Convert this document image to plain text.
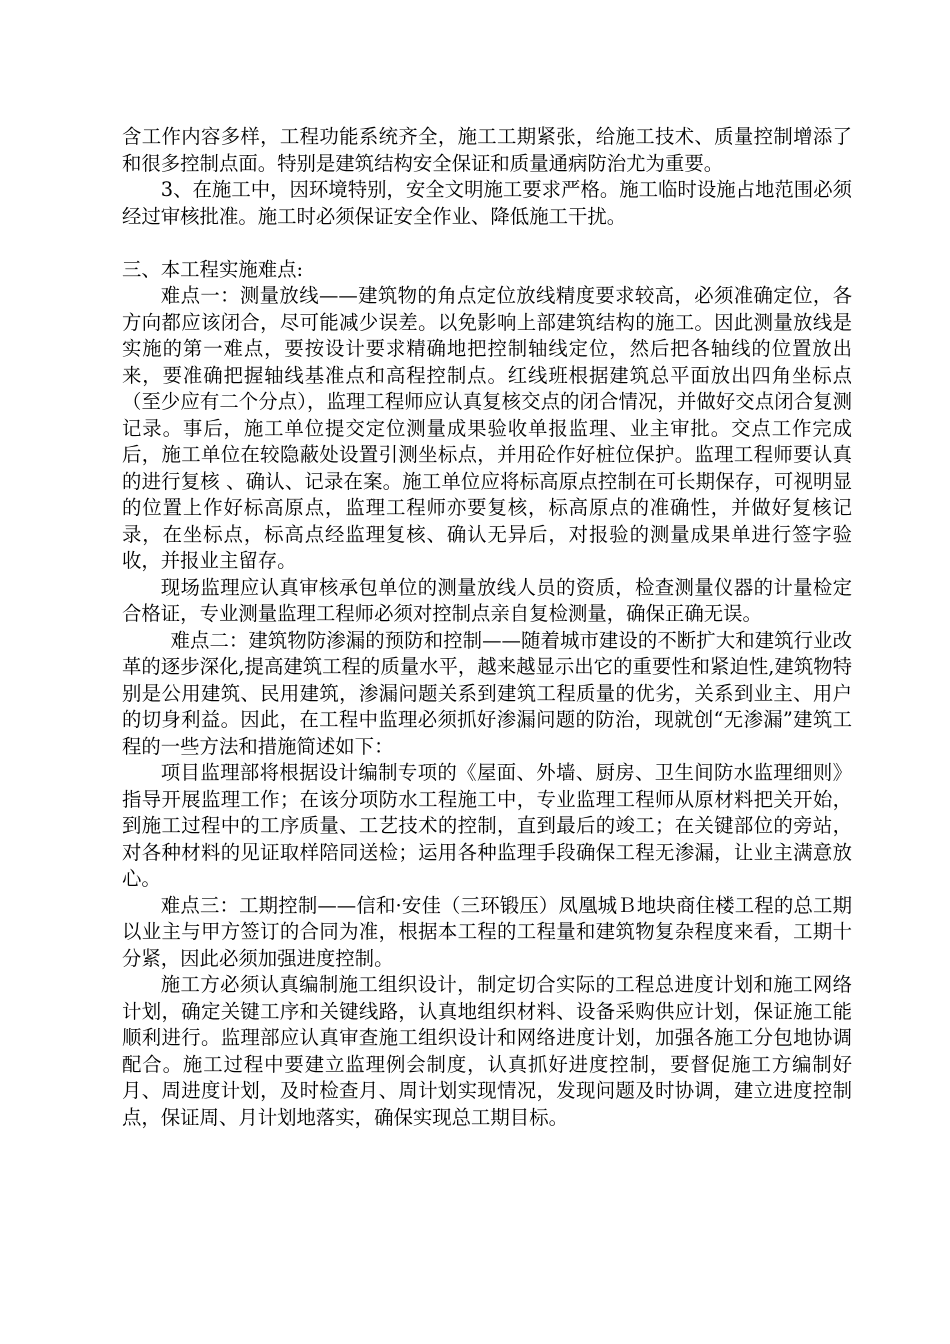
含工作内容多样，工程功能系统齐全，施工工期紧张，给施工技术、质量控制增添了和很多控制点面。特别是建筑结构安全保证和质量通病防治尤为重要。

3、在施工中，因环境特别，安全文明施工要求严格。施工临时设施占地范围必须经过审核批准。施工时必须保证安全作业、降低施工干扰。

三、本工程实施难点:

难点一：测量放线——建筑物的角点定位放线精度要求较高，必须准确定位，各方向都应该闭合，尽可能减少误差。以免影响上部建筑结构的施工。因此测量放线是实施的第一难点，要按设计要求精确地把控制轴线定位，然后把各轴线的位置放出来，要准确把握轴线基准点和高程控制点。红线班根据建筑总平面放出四角坐标点（至少应有二个分点），监理工程师应认真复核交点的闭合情况，并做好交点闭合复测记录。事后，施工单位提交定位测量成果验收单报监理、业主审批。交点工作完成后，施工单位在较隐蔽处设置引测坐标点，并用砼作好桩位保护。监理工程师要认真的进行复核 、确认、记录在案。施工单位应将标高原点控制在可长期保存，可视明显的位置上作好标高原点，监理工程师亦要复核，标高原点的准确性，并做好复核记录，在坐标点，标高点经监理复核、确认无异后，对报验的测量成果单进行签字验收，并报业主留存。

现场监理应认真审核承包单位的测量放线人员的资质，检查测量仪器的计量检定合格证，专业测量监理工程师必须对控制点亲自复检测量，确保正确无误。

难点二：建筑物防渗漏的预防和控制——随着城市建设的不断扩大和建筑行业改革的逐步深化,提高建筑工程的质量水平，越来越显示出它的重要性和紧迫性,建筑物特别是公用建筑、民用建筑，渗漏问题关系到建筑工程质量的优劣，关系到业主、用户的切身利益。因此，在工程中监理必须抓好渗漏问题的防治，现就创“无渗漏”建筑工程的一些方法和措施简述如下：

项目监理部将根据设计编制专项的《屋面、外墙、厨房、卫生间防水监理细则》指导开展监理工作；在该分项防水工程施工中，专业监理工程师从原材料把关开始，到施工过程中的工序质量、工艺技术的控制，直到最后的竣工；在关键部位的旁站，对各种材料的见证取样陪同送检；运用各种监理手段确保工程无渗漏，让业主满意放心。

难点三：工期控制——信和·安佳（三环锻压）凤凰城Ｂ地块商住楼工程的总工期以业主与甲方签订的合同为准，根据本工程的工程量和建筑物复杂程度来看，工期十分紧，因此必须加强进度控制。

施工方必须认真编制施工组织设计，制定切合实际的工程总进度计划和施工网络计划，确定关键工序和关键线路，认真地组织材料、设备采购供应计划，保证施工能顺利进行。监理部应认真审查施工组织设计和网络进度计划，加强各施工分包地协调配合。施工过程中要建立监理例会制度，认真抓好进度控制，要督促施工方编制好月、周进度计划，及时检查月、周计划实现情况，发现问题及时协调，建立进度控制点，保证周、月计划地落实，确保实现总工期目标。
